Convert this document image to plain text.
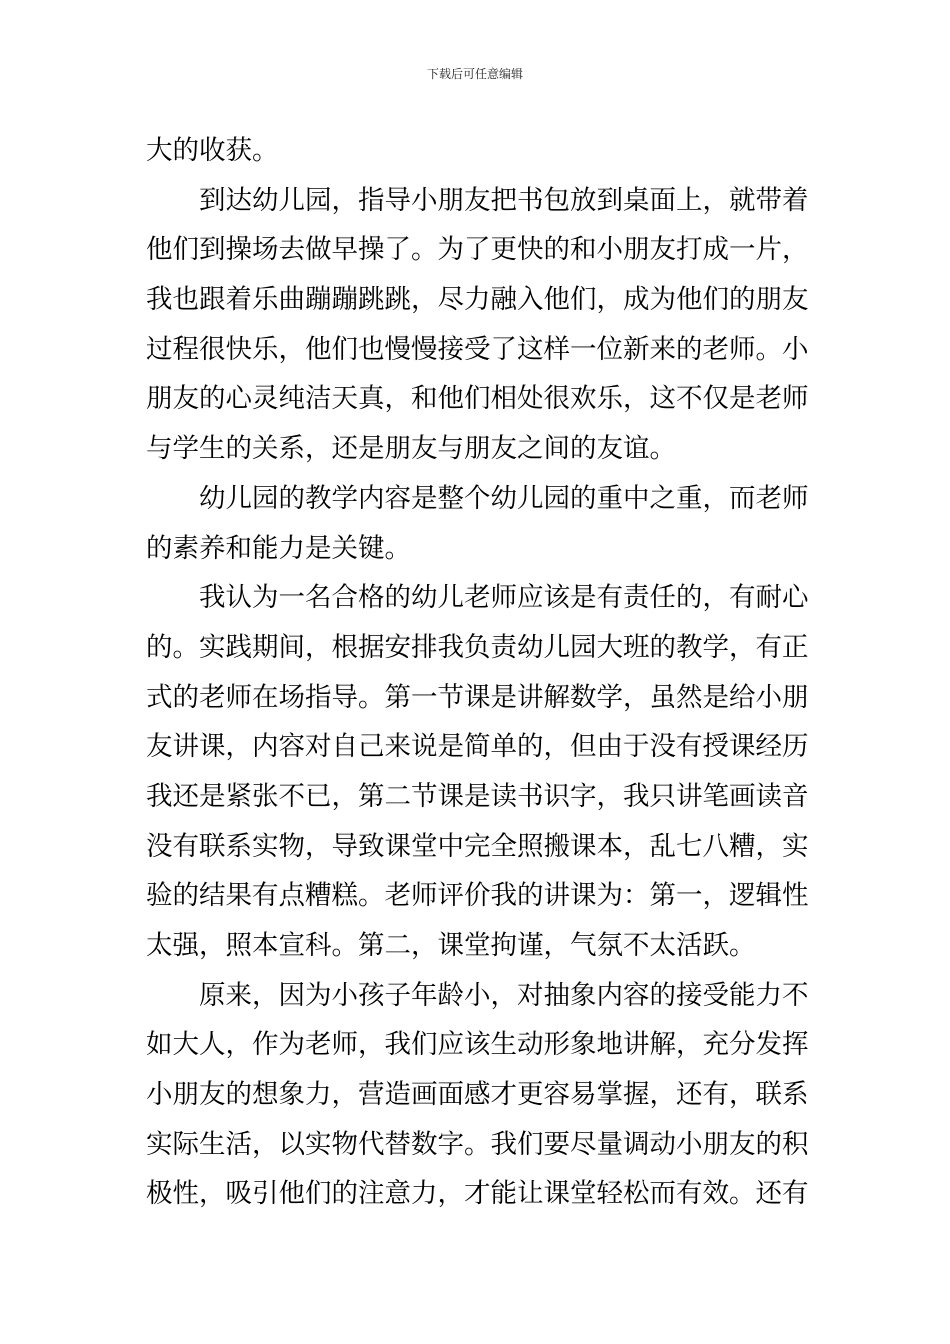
下载后可任意编辑
大的收获。
到达幼儿园，指导小朋友把书包放到桌面上，就带着
他们到操场去做早操了。为了更快的和小朋友打成一片，
我也跟着乐曲蹦蹦跳跳，尽力融入他们，成为他们的朋友
过程很快乐，他们也慢慢接受了这样一位新来的老师。小
朋友的心灵纯洁天真，和他们相处很欢乐，这不仅是老师
与学生的关系，还是朋友与朋友之间的友谊。
幼儿园的教学内容是整个幼儿园的重中之重，而老师
的素养和能力是关键。
我认为一名合格的幼儿老师应该是有责任的，有耐心
的。实践期间，根据安排我负责幼儿园大班的教学，有正
式的老师在场指导。第一节课是讲解数学，虽然是给小朋
友讲课，内容对自己来说是简单的，但由于没有授课经历
我还是紧张不已，第二节课是读书识字，我只讲笔画读音
没有联系实物，导致课堂中完全照搬课本，乱七八糟，实
验的结果有点糟糕。老师评价我的讲课为：第一，逻辑性
太强，照本宣科。第二，课堂拘谨，气氛不太活跃。
原来，因为小孩子年龄小，对抽象内容的接受能力不
如大人，作为老师，我们应该生动形象地讲解，充分发挥
小朋友的想象力，营造画面感才更容易掌握，还有，联系
实际生活，以实物代替数字。我们要尽量调动小朋友的积
极性，吸引他们的注意力，才能让课堂轻松而有效。还有
